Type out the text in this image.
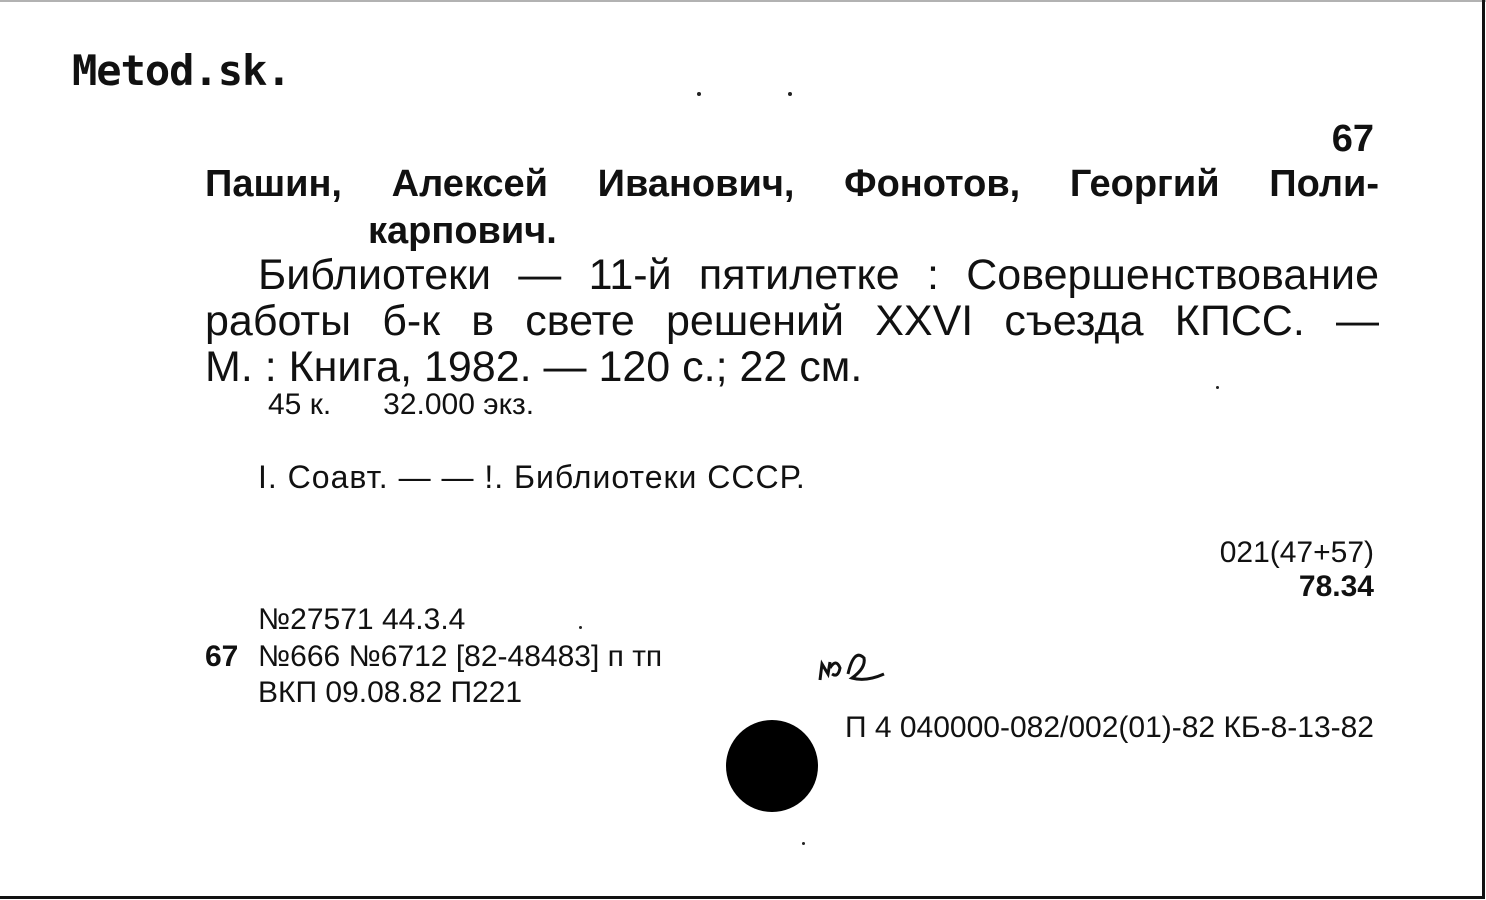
Metod.sk.
67
Пашин, Алексей Иванович, Фонотов, Георгий Поли-
карпович.
Библиотеки — 11-й пятилетке : Совершенствование
работы б-к в свете решений XXVI съезда КПСС. —
М. : Книга, 1982. — 120 с.; 22 см.
45 к. 32.000 экз.
I. Соавт. — — !. Библиотеки СССР.
021(47+57)
78.34
№27571 44.3.4
67 №666 №6712 [82-48483] п тп
ВКП 09.08.82 П221
П 4 040000-082/002(01)-82 КБ-8-13-82
